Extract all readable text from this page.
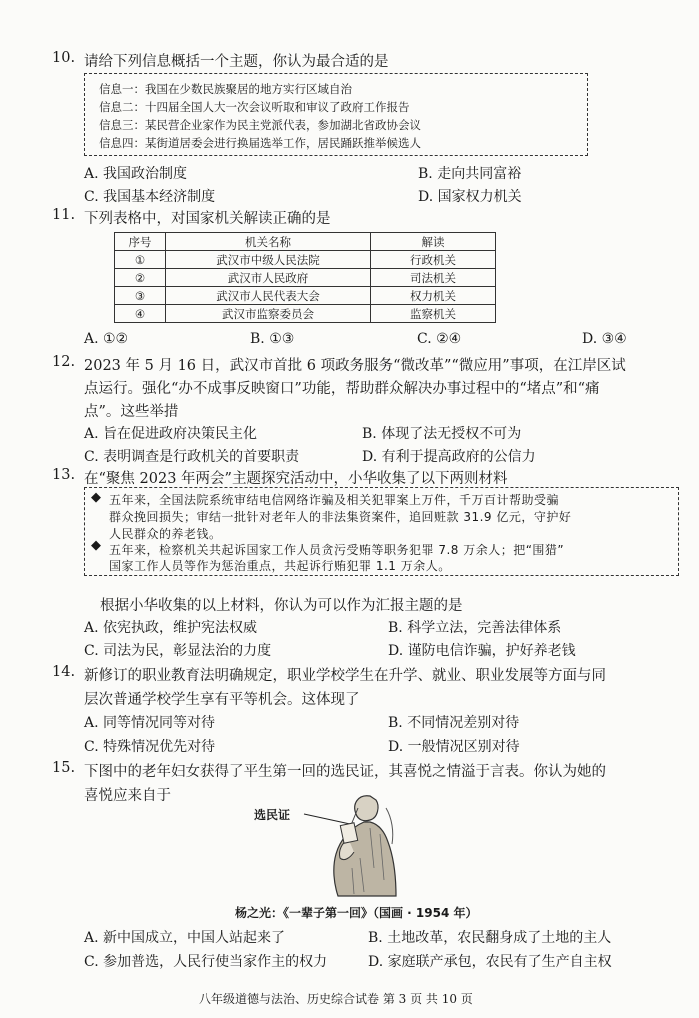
10. 请给下列信息概括一个主题，你认为最合适的是
信息一：我国在少数民族聚居的地方实行区域自治
信息二：十四届全国人大一次会议听取和审议了政府工作报告
信息三：某民营企业家作为民主党派代表，参加湖北省政协会议
信息四：某街道居委会进行换届选举工作，居民踊跃推举候选人
A. 我国政治制度	B. 走向共同富裕
C. 我国基本经济制度	D. 国家权力机关
11. 下列表格中，对国家机关解读正确的是
序号	机关名称	解读
①	武汉市中级人民法院	行政机关
②	武汉市人民政府	司法机关
③	武汉市人民代表大会	权力机关
④	武汉市监察委员会	监察机关
A. ①②	B. ①③	C. ②④	D. ③④
12. 2023 年 5 月 16 日，武汉市首批 6 项政务服务“微改革”“微应用”事项，在江岸区试
点运行。强化“办不成事反映窗口”功能，帮助群众解决办事过程中的“堵点”和“痛
点”。这些举措
A. 旨在促进政府决策民主化	B. 体现了法无授权不可为
C. 表明调查是行政机关的首要职责	D. 有利于提高政府的公信力
13. 在“聚焦 2023 年两会”主题探究活动中，小华收集了以下两则材料
◆ 五年来，全国法院系统审结电信网络诈骗及相关犯罪案上万件，千万百计帮助受骗
群众挽回损失；审结一批针对老年人的非法集资案件，追回赃款 31.9 亿元，守护好
人民群众的养老钱。
◆ 五年来，检察机关共起诉国家工作人员贪污受贿等职务犯罪 7.8 万余人；把“围猎”
国家工作人员等作为惩治重点，共起诉行贿犯罪 1.1 万余人。
根据小华收集的以上材料，你认为可以作为汇报主题的是
A. 依宪执政，维护宪法权威	B. 科学立法，完善法律体系
C. 司法为民，彰显法治的力度	D. 谨防电信诈骗，护好养老钱
14. 新修订的职业教育法明确规定，职业学校学生在升学、就业、职业发展等方面与同
层次普通学校学生享有平等机会。这体现了
A. 同等情况同等对待	B. 不同情况差别对待
C. 特殊情况优先对待	D. 一般情况区别对待
15. 下图中的老年妇女获得了平生第一回的选民证，其喜悦之情溢于言表。你认为她的
喜悦应来自于
选民证
杨之光：《一辈子第一回》（国画 · 1954 年）
A. 新中国成立，中国人站起来了	B. 土地改革，农民翻身成了土地的主人
C. 参加普选，人民行使当家作主的权力	D. 家庭联产承包，农民有了生产自主权
八年级道德与法治、历史综合试卷 第 3 页 共 10 页
